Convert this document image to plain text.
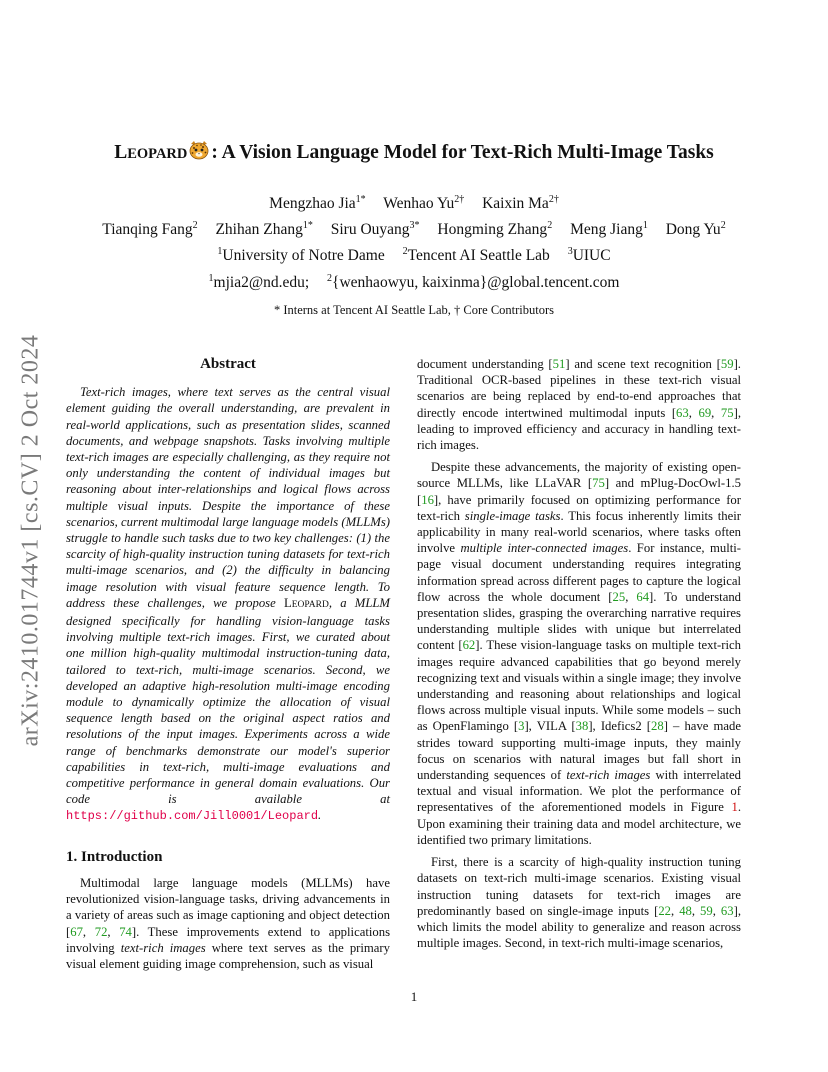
arXiv:2410.01744v1 [cs.CV] 2 Oct 2024
LEOPARD : A Vision Language Model for Text-Rich Multi-Image Tasks
Mengzhao Jia$^{1*}$ Wenhao $Yu^{2\dagger}$ Kaixin $Ma^{2\dagger}$
Tianqing Fang$^2$ Zhihan Zhang$^{1*}$ Siru Ouyang$^{3*}$ Hongming Zhang$^2$ Meng Jiang$^1$ Dong Yu$^2$
$^1$University of Notre Dame $^2$Tencent AI Seattle Lab $^3$UIUC
$^1$mjia2@nd.edu; $^2${wenhaowyu, kaixinma}@global.tencent.com
* Interns at Tencent AI Seattle Lab, † Core Contributors
Abstract

Text-rich images, where text serves as the central visual element guiding the overall understanding, are prevalent in real-world applications, such as presentation slides, scanned documents, and webpage snapshots. Tasks involving multiple text-rich images are especially challenging, as they require not only understanding the content of individual images but reasoning about inter-relationships and logical flows across multiple visual inputs. Despite the importance of these scenarios, current multimodal large language models (MLLMs) struggle to handle such tasks due to two key challenges: (1) the scarcity of high-quality instruction tuning datasets for text-rich multi-image scenarios, and (2) the difficulty in balancing image resolution with visual feature sequence length. To address these challenges, we propose LEOPARD, a MLLM designed specifically for handling vision-language tasks involving multiple text-rich images. First, we curated about one million high-quality multimodal instruction-tuning data, tailored to text-rich, multi-image scenarios. Second, we developed an adaptive high-resolution multi-image encoding module to dynamically optimize the allocation of visual sequence length based on the original aspect ratios and resolutions of the input images. Experiments across a wide range of benchmarks demonstrate our model's superior capabilities in text-rich, multi-image evaluations and competitive performance in general domain evaluations. Our code is available at https://github.com/Jill0001/Leopard.

1. Introduction

Multimodal large language models (MLLMs) have revolutionized vision-language tasks, driving advancements in a variety of areas such as image captioning and object detection [67, 72, 74]. These improvements extend to applications involving text-rich images where text serves as the primary visual element guiding image comprehension, such as visual

document understanding [51] and scene text recognition [59]. Traditional OCR-based pipelines in these text-rich visual scenarios are being replaced by end-to-end approaches that directly encode intertwined multimodal inputs [63, 69, 75], leading to improved efficiency and accuracy in handling text-rich images.

Despite these advancements, the majority of existing open-source MLLMs, like LLaVAR [75] and mPlug-DocOwl-1.5 [16], have primarily focused on optimizing performance for text-rich single-image tasks. This focus inherently limits their applicability in many real-world scenarios, where tasks often involve multiple inter-connected images. For instance, multi-page visual document understanding requires integrating information spread across different pages to capture the logical flow across the whole document [25, 64]. To understand presentation slides, grasping the overarching narrative requires understanding multiple slides with unique but interrelated content [62]. These vision-language tasks on multiple text-rich images require advanced capabilities that go beyond merely recognizing text and visuals within a single image; they involve understanding and reasoning about relationships and logical flows across multiple visual inputs. While some models – such as OpenFlamingo [3], VILA [38], Idefics2 [28] – have made strides toward supporting multi-image inputs, they mainly focus on scenarios with natural images but fall short in understanding sequences of text-rich images with interrelated textual and visual information. We plot the performance of representatives of the aforementioned models in Figure 1. Upon examining their training data and model architecture, we identified two primary limitations.

First, there is a scarcity of high-quality instruction tuning datasets on text-rich multi-image scenarios. Existing visual instruction tuning datasets for text-rich images are predominantly based on single-image inputs [22, 48, 59, 63], which limits the model ability to generalize and reason across multiple images. Second, in text-rich multi-image scenarios,

1
